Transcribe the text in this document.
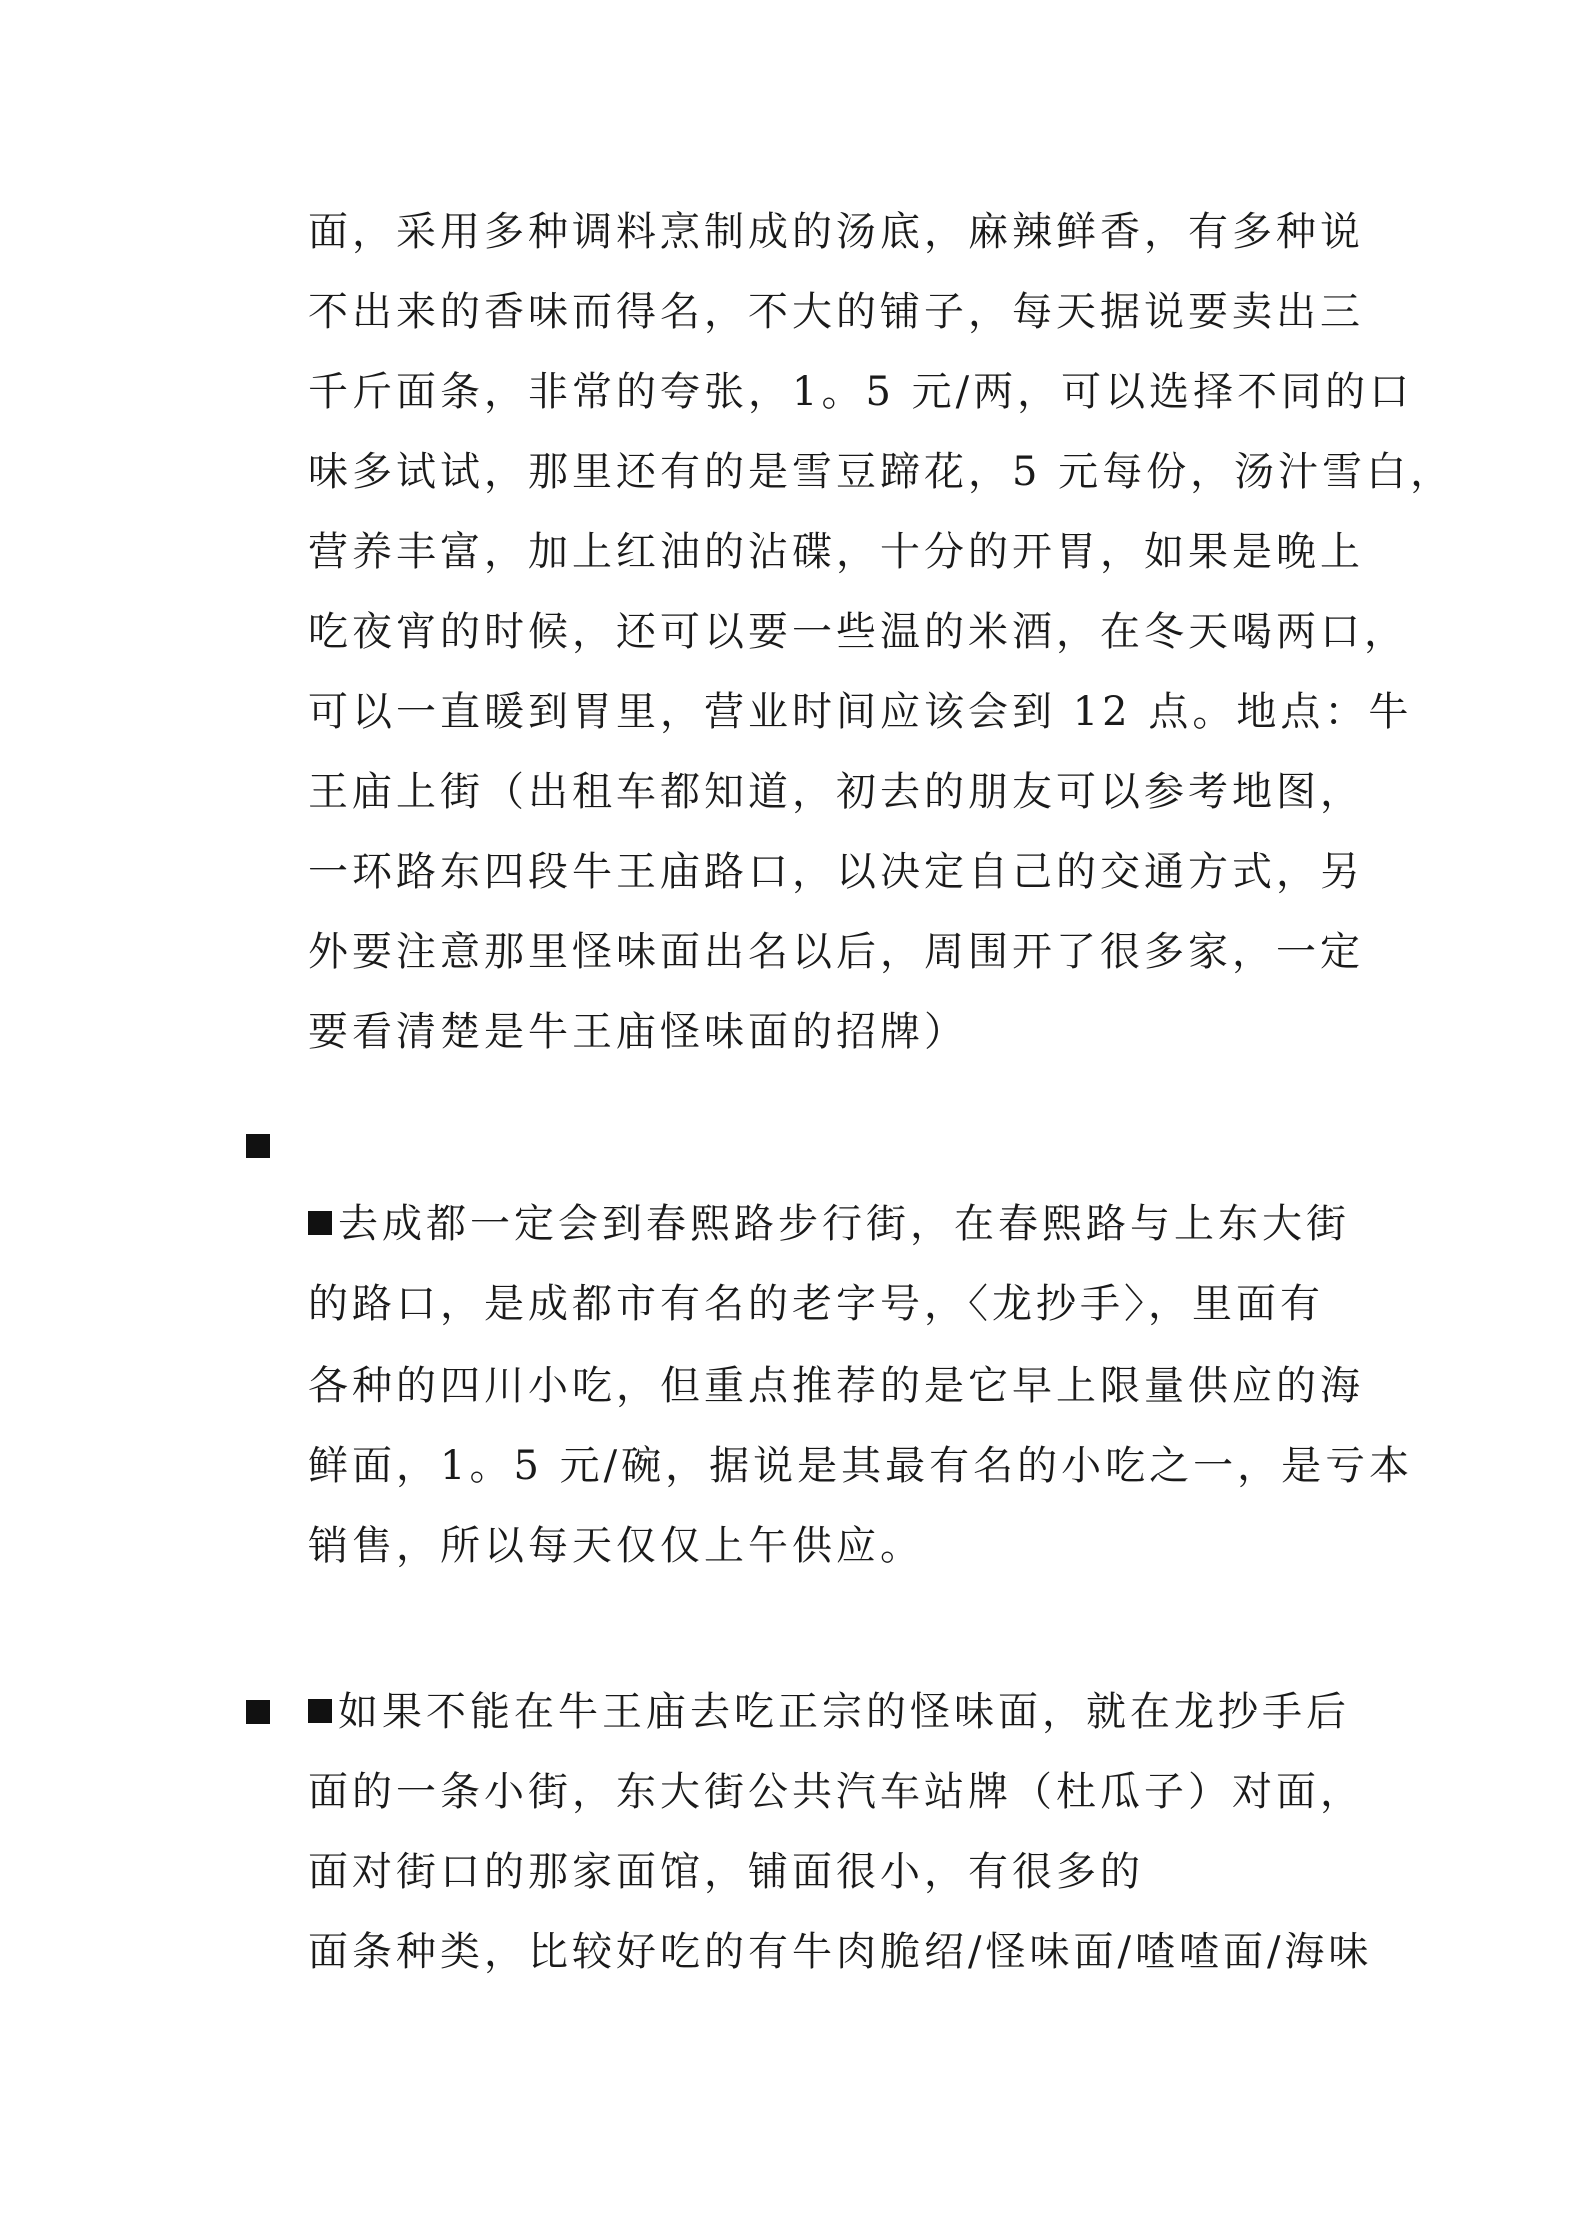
面，采用多种调料烹制成的汤底，麻辣鲜香，有多种说
不出来的香味而得名，不大的铺子，每天据说要卖出三
千斤面条，非常的夸张，1。5 元/两，可以选择不同的口
味多试试，那里还有的是雪豆蹄花，5 元每份，汤汁雪白，
营养丰富，加上红油的沾碟，十分的开胃，如果是晚上
吃夜宵的时候，还可以要一些温的米酒，在冬天喝两口，
可以一直暖到胃里，营业时间应该会到 12 点。地点：牛
王庙上街（出租车都知道，初去的朋友可以参考地图，
一环路东四段牛王庙路口，以决定自己的交通方式，另
外要注意那里怪味面出名以后，周围开了很多家，一定
要看清楚是牛王庙怪味面的招牌）
去成都一定会到春熙路步行街，在春熙路与上东大街
的路口，是成都市有名的老字号，〈龙抄手〉，里面有
各种的四川小吃，但重点推荐的是它早上限量供应的海
鲜面，1。5 元/碗，据说是其最有名的小吃之一，是亏本
销售，所以每天仅仅上午供应。
如果不能在牛王庙去吃正宗的怪味面，就在龙抄手后
面的一条小街，东大街公共汽车站牌（杜瓜子）对面，
面对街口的那家面馆，铺面很小，有很多的
面条种类，比较好吃的有牛肉脆绍/怪味面/喳喳面/海味
